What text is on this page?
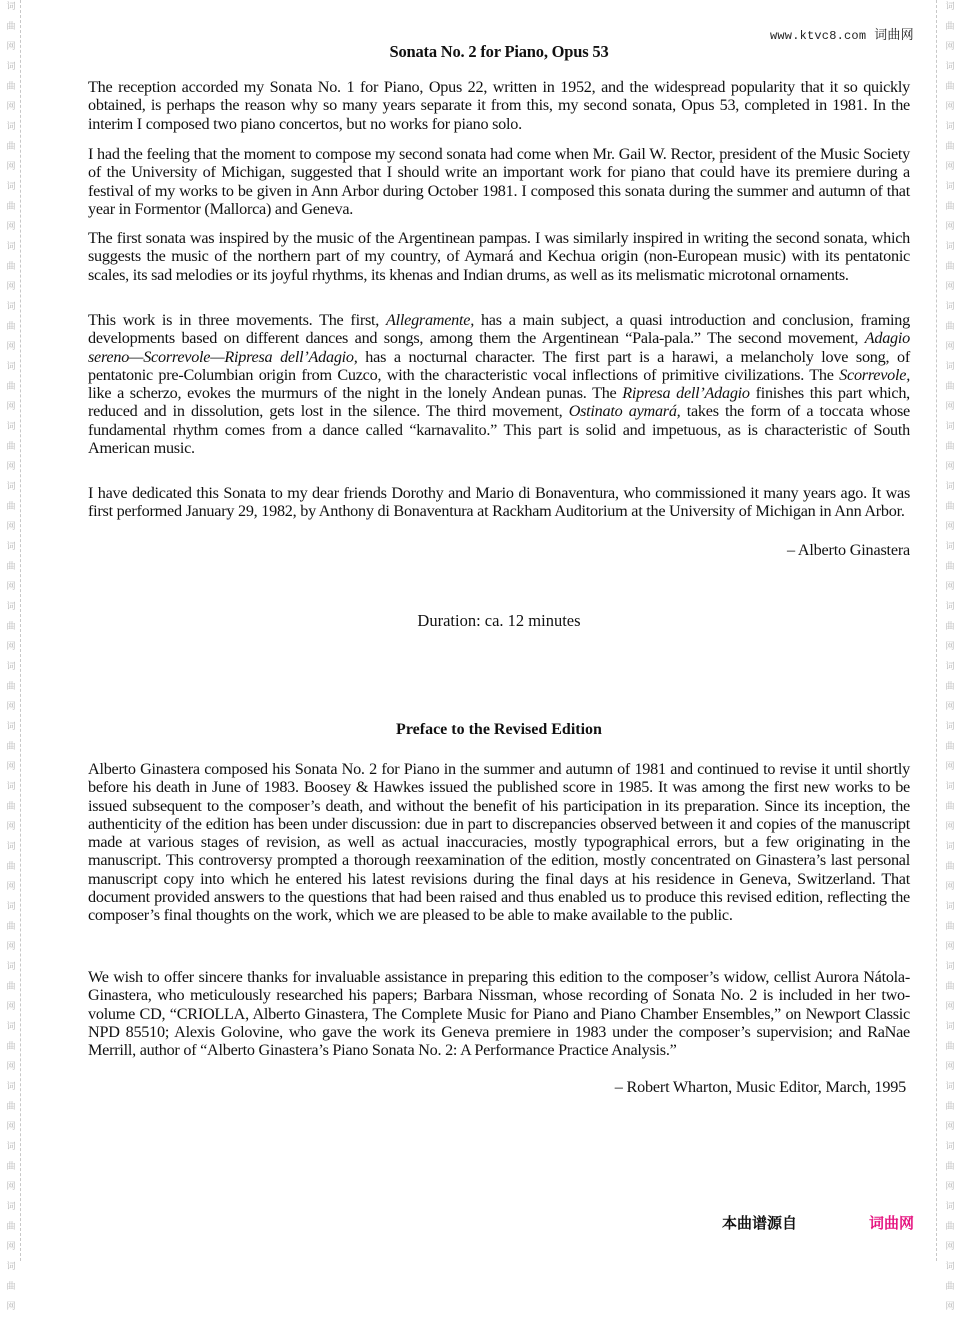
词
曲
网
词
曲
网
词
曲
网
词
曲
网
词
曲
网
词
曲
网
词
曲
网
词
曲
网
词
曲
网
词
曲
网
词
曲
网
词
曲
网
词
曲
网
词
曲
网
词
曲
网
词
曲
网
词
曲
网
词
曲
网
词
曲
网
词
曲
网
词
曲
网
词
曲
网
词
曲
网
词
曲
网
词
曲
网
词
曲
网
词
曲
网
词
曲
网
词
曲
网
词
曲
网
词
曲
网
词
曲
网
词
曲
网
词
曲
网
词
曲
网
词
曲
网
词
曲
网
词
曲
网
词
曲
网
词
曲
网
词
曲
网
词
曲
网
词
曲
网
词
曲
网
www.ktvc8.com 词曲网
Sonata No. 2 for Piano, Opus 53

The reception accorded my Sonata No. 1 for Piano, Opus 22, written in 1952, and the widespread popularity that it so quickly obtained, is perhaps the reason why so many years separate it from this, my second sonata, Opus 53, completed in 1981. In the interim I composed two piano concertos, but no works for piano solo.

I had the feeling that the moment to compose my second sonata had come when Mr. Gail W. Rector, president of the Music Society of the University of Michigan, suggested that I should write an important work for piano that could have its premiere during a festival of my works to be given in Ann Arbor during October 1981. I composed this sonata during the summer and autumn of that year in Formentor (Mallorca) and Geneva.

The first sonata was inspired by the music of the Argentinean pampas. I was similarly inspired in writing the second sonata, which suggests the music of the northern part of my country, of Aymará and Kechua origin (non-European music) with its pentatonic scales, its sad melodies or its joyful rhythms, its khenas and Indian drums, as well as its melismatic microtonal ornaments.

This work is in three movements. The first, Allegramente, has a main subject, a quasi introduction and conclusion, framing developments based on different dances and songs, among them the Argentinean “Pala-pala.” The second movement, Adagio sereno—Scorrevole—Ripresa dell’Adagio, has a nocturnal character. The first part is a harawi, a melancholy love song, of pentatonic pre-Columbian origin from Cuzco, with the characteristic vocal inflections of primitive civilizations. The Scorrevole, like a scherzo, evokes the murmurs of the night in the lonely Andean punas. The Ripresa dell’Adagio finishes this part which, reduced and in dissolution, gets lost in the silence. The third movement, Ostinato aymará, takes the form of a toccata whose fundamental rhythm comes from a dance called “karnavalito.” This part is solid and impetuous, as is characteristic of South American music.

I have dedicated this Sonata to my dear friends Dorothy and Mario di Bonaventura, who commissioned it many years ago. It was first performed January 29, 1982, by Anthony di Bonaventura at Rackham Auditorium at the University of Michigan in Ann Arbor.

– Alberto Ginastera
Duration: ca. 12 minutes
Preface to the Revised Edition

Alberto Ginastera composed his Sonata No. 2 for Piano in the summer and autumn of 1981 and continued to revise it until shortly before his death in June of 1983. Boosey & Hawkes issued the published score in 1985. It was among the first new works to be issued subsequent to the composer’s death, and without the benefit of his participation in its preparation. Since its inception, the authenticity of the edition has been under discussion: due in part to discrepancies observed between it and copies of the manuscript made at various stages of revision, as well as actual inaccuracies, mostly typographical errors, but a few originating in the manuscript. This controversy prompted a thorough reexamination of the edition, mostly concentrated on Ginastera’s last personal manuscript copy into which he entered his latest revisions during the final days at his residence in Geneva, Switzerland. That document provided answers to the questions that had been raised and thus enabled us to produce this revised edition, reflecting the composer’s final thoughts on the work, which we are pleased to be able to make available to the public.

We wish to offer sincere thanks for invaluable assistance in preparing this edition to the composer’s widow, cellist Aurora Nátola-Ginastera, who meticulously researched his papers; Barbara Nissman, whose recording of Sonata No. 2 is included in her two-volume CD, “CRIOLLA, Alberto Ginastera, The Complete Music for Piano and Piano Chamber Ensembles,” on Newport Classic NPD 85510; Alexis Golovine, who gave the work its Geneva premiere in 1983 under the composer’s supervision; and RaNae Merrill, author of “Alberto Ginastera’s Piano Sonata No. 2: A Performance Practice Analysis.”

– Robert Wharton, Music Editor, March, 1995
本曲谱源自	词曲网
